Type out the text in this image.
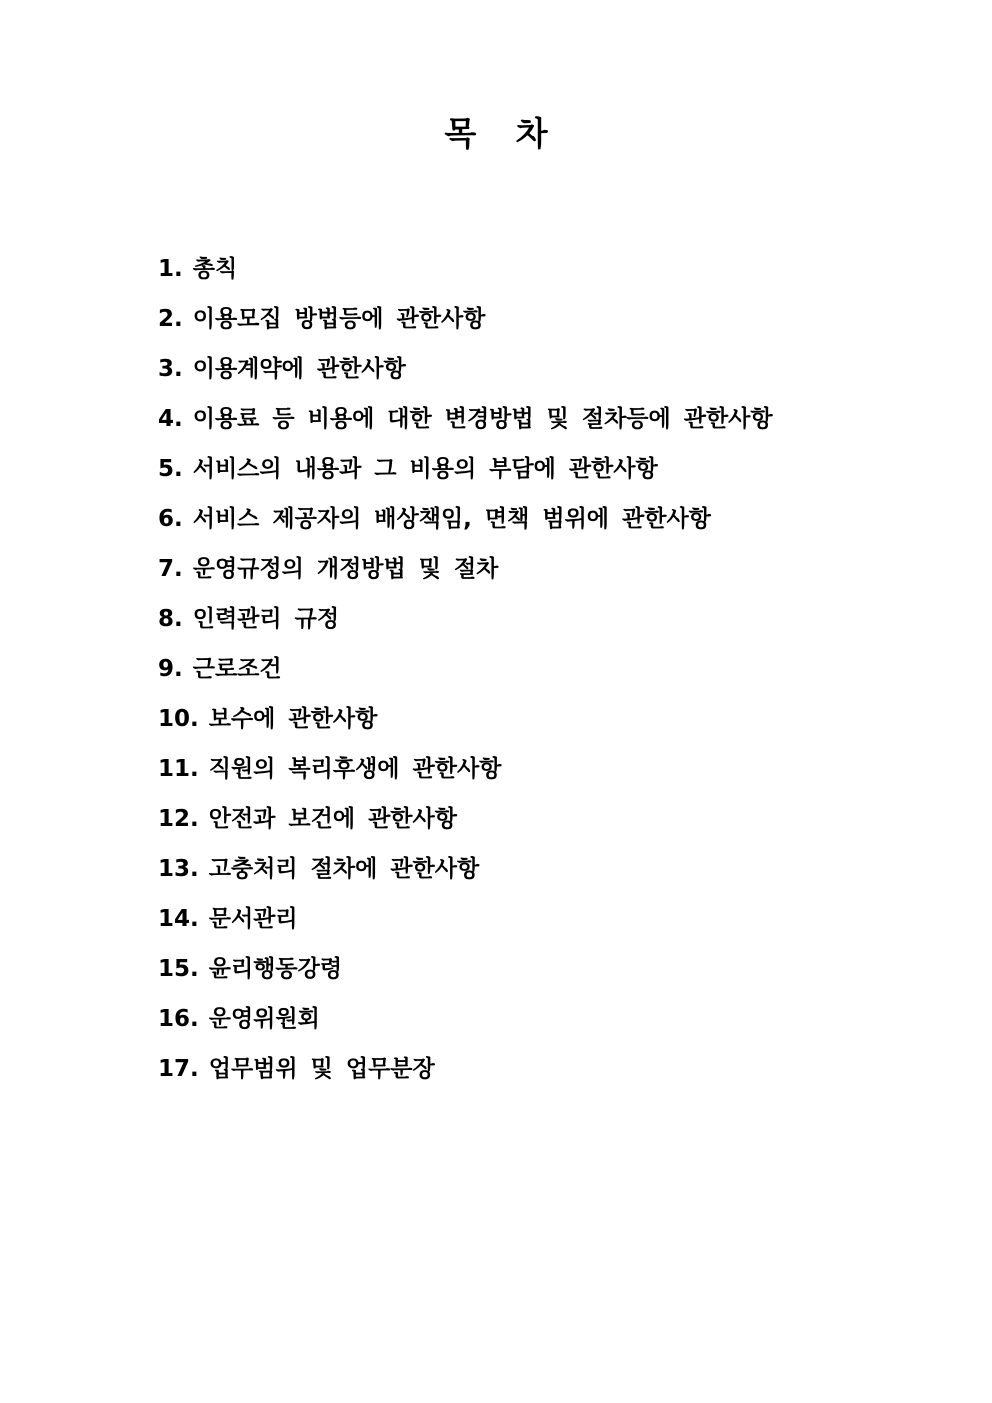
목 차
1. 총칙
2. 이용모집 방법등에 관한사항
3. 이용계약에 관한사항
4. 이용료 등 비용에 대한 변경방법 및 절차등에 관한사항
5. 서비스의 내용과 그 비용의 부담에 관한사항
6. 서비스 제공자의 배상책임, 면책 범위에 관한사항
7. 운영규정의 개정방법 및 절차
8. 인력관리 규정
9. 근로조건
10. 보수에 관한사항
11. 직원의 복리후생에 관한사항
12. 안전과 보건에 관한사항
13. 고충처리 절차에 관한사항
14. 문서관리
15. 윤리행동강령
16. 운영위원회
17. 업무범위 및 업무분장
